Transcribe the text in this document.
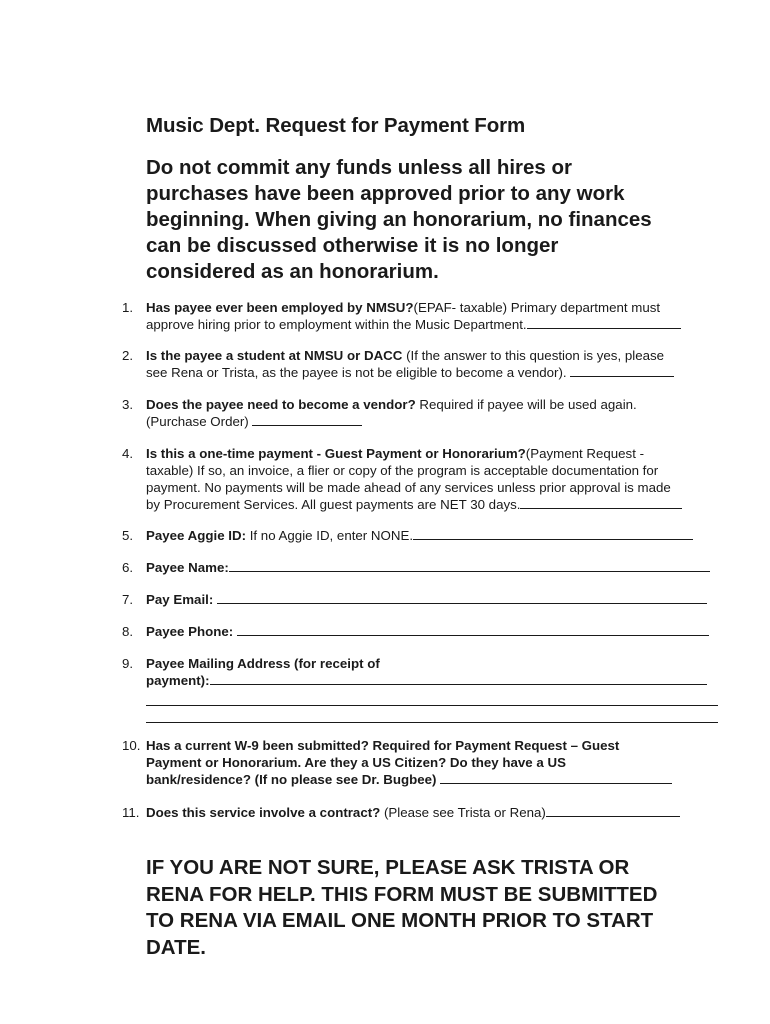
Music Dept. Request for Payment Form
Do not commit any funds unless all hires or
purchases have been approved prior to any work
beginning. When giving an honorarium, no finances
can be discussed otherwise it is no longer
considered as an honorarium.
1. Has payee ever been employed by NMSU?(EPAF- taxable) Primary department must
approve hiring prior to employment within the Music Department.
2. Is the payee a student at NMSU or DACC (If the answer to this question is yes, please
see Rena or Trista, as the payee is not be eligible to become a vendor).
3. Does the payee need to become a vendor? Required if payee will be used again.
(Purchase Order)
4. Is this a one-time payment - Guest Payment or Honorarium?(Payment Request -
taxable) If so, an invoice, a flier or copy of the program is acceptable documentation for
payment. No payments will be made ahead of any services unless prior approval is made
by Procurement Services. All guest payments are NET 30 days.
5. Payee Aggie ID: If no Aggie ID, enter NONE.
6. Payee Name:
7. Pay Email:
8. Payee Phone:
9. Payee Mailing Address (for receipt of
payment):
10. Has a current W-9 been submitted? Required for Payment Request – Guest
Payment or Honorarium. Are they a US Citizen? Do they have a US
bank/residence? (If no please see Dr. Bugbee)
11. Does this service involve a contract? (Please see Trista or Rena)
IF YOU ARE NOT SURE, PLEASE ASK TRISTA OR
RENA FOR HELP. THIS FORM MUST BE SUBMITTED
TO RENA VIA EMAIL ONE MONTH PRIOR TO START
DATE.
